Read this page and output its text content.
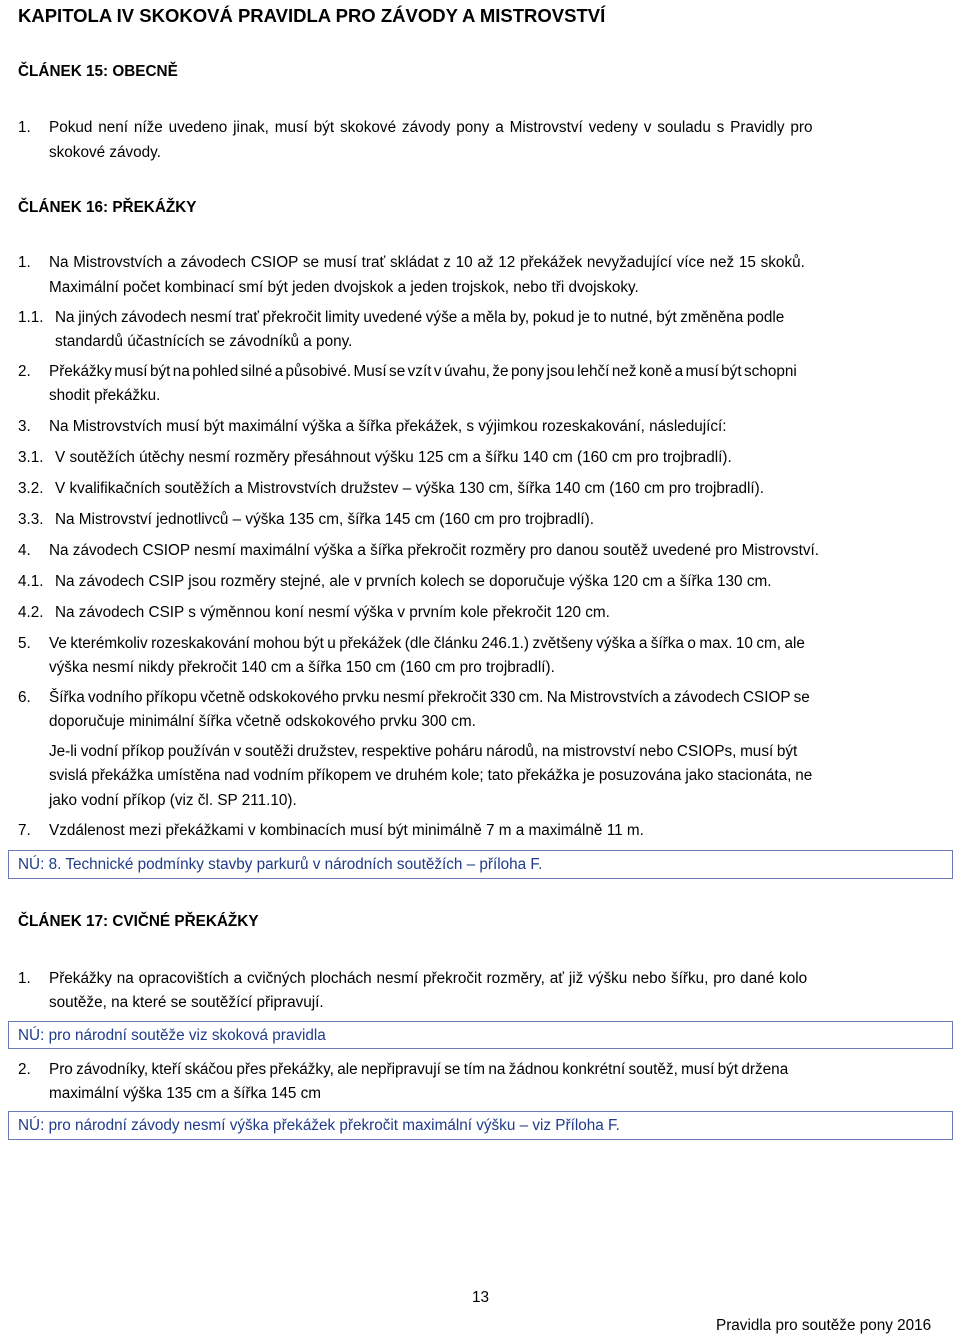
KAPITOLA IV SKOKOVÁ PRAVIDLA PRO ZÁVODY A MISTROVSTVÍ
ČLÁNEK 15: OBECNĚ
1. Pokud není níže uvedeno jinak, musí být skokové závody pony a Mistrovství vedeny v souladu s Pravidly pro
skokové závody.
ČLÁNEK 16: PŘEKÁŽKY
1. Na Mistrovstvích a závodech CSIOP se musí trať skládat z 10 až 12 překážek nevyžadující více než 15 skoků.
Maximální počet kombinací smí být jeden dvojskok a jeden trojskok, nebo tři dvojskoky.
1.1. Na jiných závodech nesmí trať překročit limity uvedené výše a měla by, pokud je to nutné, být změněna podle
standardů účastnících se závodníků a pony.
2. Překážky musí být na pohled silné a působivé. Musí se vzít v úvahu, že pony jsou lehčí než koně a musí být schopni
shodit překážku.
3. Na Mistrovstvích musí být maximální výška a šířka překážek, s výjimkou rozeskakování, následující:
3.1. V soutěžích útěchy nesmí rozměry přesáhnout výšku 125 cm a šířku 140 cm (160 cm pro trojbradlí).
3.2. V kvalifikačních soutěžích a Mistrovstvích družstev – výška 130 cm, šířka 140 cm (160 cm pro trojbradlí).
3.3. Na Mistrovství jednotlivců – výška 135 cm, šířka 145 cm (160 cm pro trojbradlí).
4. Na závodech CSIOP nesmí maximální výška a šířka překročit rozměry pro danou soutěž uvedené pro Mistrovství.
4.1. Na závodech CSIP jsou rozměry stejné, ale v prvních kolech se doporučuje výška 120 cm a šířka 130 cm.
4.2. Na závodech CSIP s výměnnou koní nesmí výška v prvním kole překročit 120 cm.
5. Ve kterémkoliv rozeskakování mohou být u překážek (dle článku 246.1.) zvětšeny výška a šířka o max. 10 cm, ale
výška nesmí nikdy překročit 140 cm a šířka 150 cm (160 cm pro trojbradlí).
6. Šířka vodního příkopu včetně odskokového prvku nesmí překročit 330 cm. Na Mistrovstvích a závodech CSIOP se
doporučuje minimální šířka včetně odskokového prvku 300 cm.
Je-li vodní příkop používán v soutěži družstev, respektive poháru národů, na mistrovství nebo CSIOPs, musí být
svislá překážka umístěna nad vodním příkopem ve druhém kole; tato překážka je posuzována jako stacionáta, ne
jako vodní příkop (viz čl. SP 211.10).
7. Vzdálenost mezi překážkami v kombinacích musí být minimálně 7 m a maximálně 11 m.
NÚ: 8. Technické podmínky stavby parkurů v národních soutěžích – příloha F.
ČLÁNEK 17: CVIČNÉ PŘEKÁŽKY
1. Překážky na opracovištích a cvičných plochách nesmí překročit rozměry, ať již výšku nebo šířku, pro dané kolo
soutěže, na které se soutěžící připravují.
NÚ: pro národní soutěže viz skoková pravidla
2. Pro závodníky, kteří skáčou přes překážky, ale nepřipravují se tím na žádnou konkrétní soutěž, musí být držena
maximální výška 135 cm a šířka 145 cm
NÚ: pro národní závody nesmí výška překážek překročit maximální výšku – viz Příloha F.
13
Pravidla pro soutěže pony 2016
